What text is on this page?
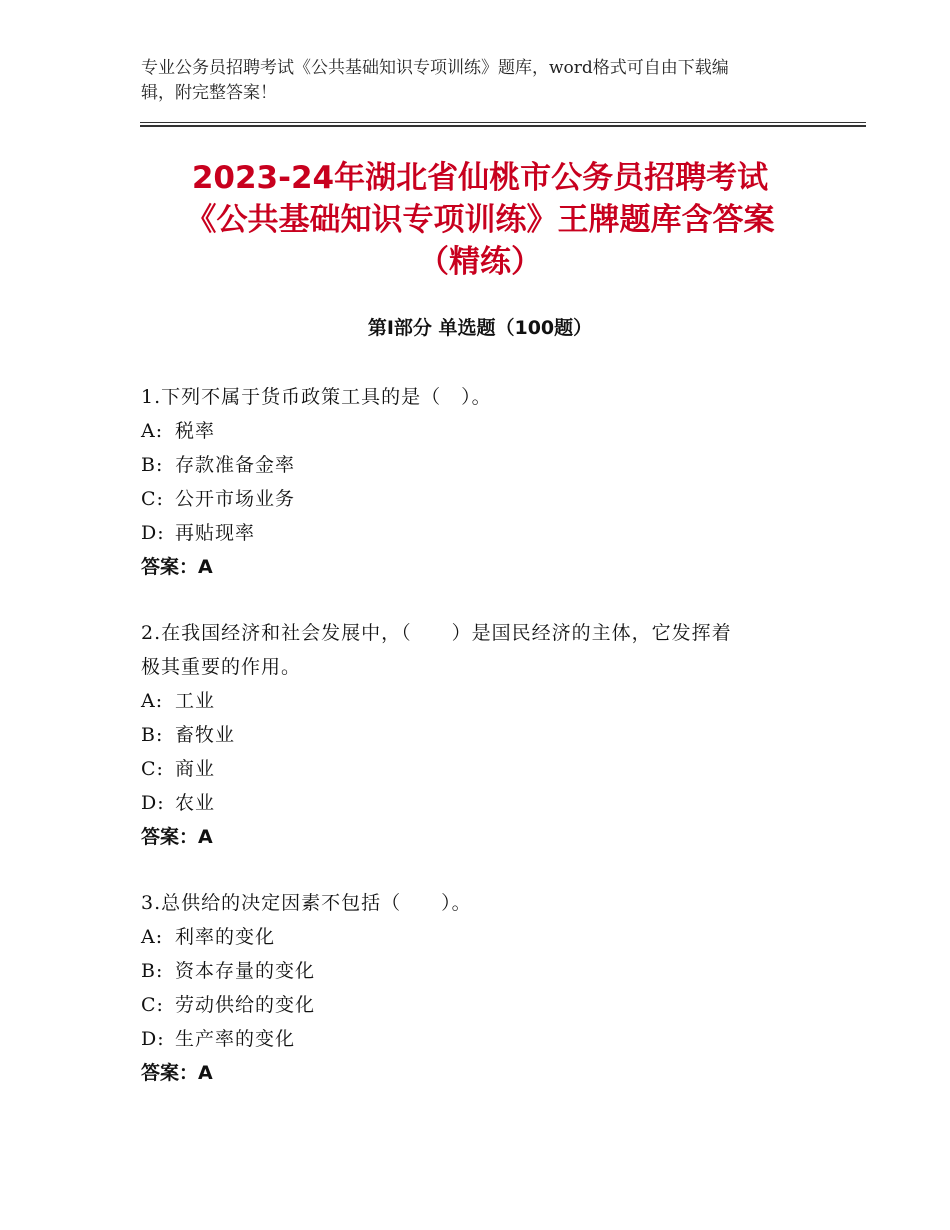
专业公务员招聘考试《公共基础知识专项训练》题库，word格式可自由下载编
辑，附完整答案！
2023-24年湖北省仙桃市公务员招聘考试
《公共基础知识专项训练》王牌题库含答案
（精练）
第Ⅰ部分 单选题（100题）
1.下列不属于货币政策工具的是（　）。
A: 税率
B: 存款准备金率
C: 公开市场业务
D: 再贴现率
答案：A
2.在我国经济和社会发展中，（　　）是国民经济的主体，它发挥着
极其重要的作用。
A: 工业
B: 畜牧业
C: 商业
D: 农业
答案：A
3.总供给的决定因素不包括（　　）。
A: 利率的变化
B: 资本存量的变化
C: 劳动供给的变化
D: 生产率的变化
答案：A
